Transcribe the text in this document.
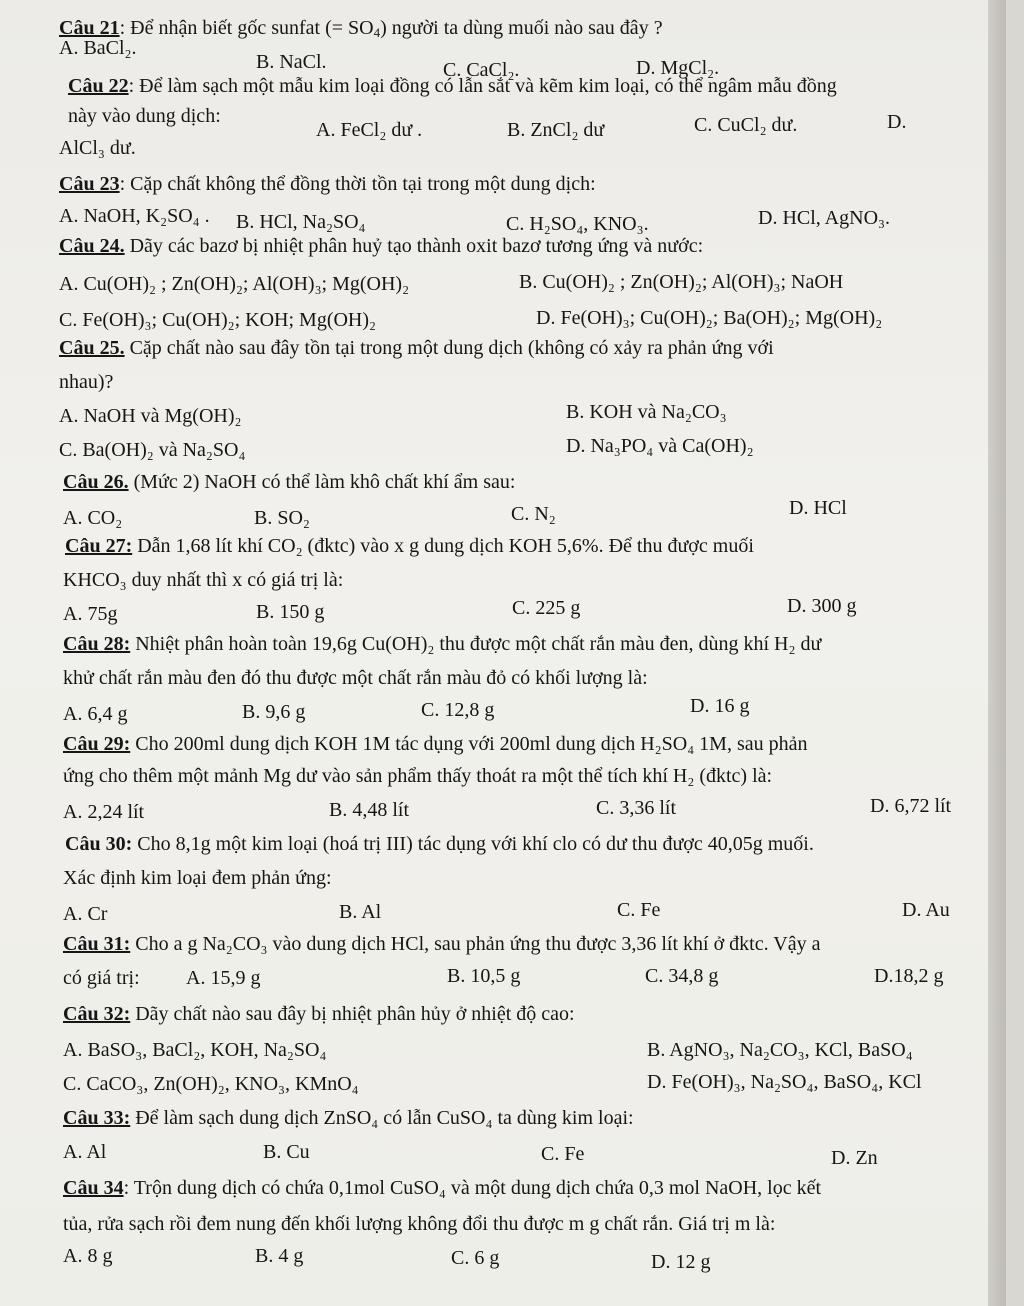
Câu 21: Để nhận biết gốc sunfat (= $SO_4$) người ta dùng muối nào sau đây ?
A. BaCl₂.
B. NaCl.	C. CaCl₂.	D. MgCl₂.
Câu 22: Để làm sạch một mẫu kim loại đồng có lẫn sắt và kẽm kim loại, có thể ngâm mẫu đồng
này vào dung dịch:
A. FeCl₂ dư .	B. ZnCl₂ dư	C. CuCl₂ dư.	D.
AlCl₃ dư.
Câu 23: Cặp chất không thể đồng thời tồn tại trong một dung dịch:
A. NaOH, K₂SO₄ . B. HCl, Na₂SO₄	C. H₂SO₄, KNO₃.	D. HCl, AgNO₃.
Câu 24. Dãy các bazơ bị nhiệt phân huỷ tạo thành oxit bazơ tương ứng và nước:
A. Cu(OH)₂ ; Zn(OH)₂; Al(OH)₃; Mg(OH)₂	B. Cu(OH)₂ ; Zn(OH)₂; Al(OH)₃; NaOH
C. Fe(OH)₃; Cu(OH)₂; KOH; Mg(OH)₂	D. Fe(OH)₃; Cu(OH)₂; Ba(OH)₂; Mg(OH)₂
Câu 25. Cặp chất nào sau đây tồn tại trong một dung dịch (không có xảy ra phản ứng với
nhau)?
A. NaOH và Mg(OH)₂	B. KOH và Na₂CO₃
C. Ba(OH)₂ và Na₂SO₄	D. Na₃PO₄ và Ca(OH)₂
Câu 26. (Mức 2) NaOH có thể làm khô chất khí ẩm sau:
A. CO₂	B. SO₂	C. N₂	D. HCl
Câu 27: Dẫn 1,68 lít khí CO₂ (đktc) vào x g dung dịch KOH 5,6%. Để thu được muối
KHCO₃ duy nhất thì x có giá trị là:
A. 75g	B. 150 g	C. 225 g	D. 300 g
Câu 28: Nhiệt phân hoàn toàn 19,6g Cu(OH)₂ thu được một chất rắn màu đen, dùng khí H₂ dư
khử chất rắn màu đen đó thu được một chất rắn màu đỏ có khối lượng là:
A. 6,4 g	B. 9,6 g	C. 12,8 g	D. 16 g
Câu 29: Cho 200ml dung dịch KOH 1M tác dụng với 200ml dung dịch H₂SO₄ 1M, sau phản
ứng cho thêm một mảnh Mg dư vào sản phẩm thấy thoát ra một thể tích khí H₂ (đktc) là:
A. 2,24 lít	B. 4,48 lít	C. 3,36 lít	D. 6,72 lít
Câu 30: Cho 8,1g một kim loại (hoá trị III) tác dụng với khí clo có dư thu được 40,05g muối.
Xác định kim loại đem phản ứng:
A. Cr	B. Al	C. Fe	D. Au
Câu 31: Cho a g Na₂CO₃ vào dung dịch HCl, sau phản ứng thu được 3,36 lít khí ở đktc. Vậy a
có giá trị: A. 15,9 g	B. 10,5 g	C. 34,8 g	D.18,2 g
Câu 32: Dãy chất nào sau đây bị nhiệt phân hủy ở nhiệt độ cao:
A. BaSO₃, BaCl₂, KOH, Na₂SO₄	B. AgNO₃, Na₂CO₃, KCl, BaSO₄
C. CaCO₃, Zn(OH)₂, KNO₃, KMnO₄	D. Fe(OH)₃, Na₂SO₄, BaSO₄, KCl
Câu 33: Để làm sạch dung dịch ZnSO₄ có lẫn CuSO₄ ta dùng kim loại:
A. Al	B. Cu	C. Fe	D. Zn
Câu 34: Trộn dung dịch có chứa 0,1mol CuSO₄ và một dung dịch chứa 0,3 mol NaOH, lọc kết
tủa, rửa sạch rồi đem nung đến khối lượng không đổi thu được m g chất rắn. Giá trị m là:
A. 8 g	B. 4 g	C. 6 g	D. 12 g
